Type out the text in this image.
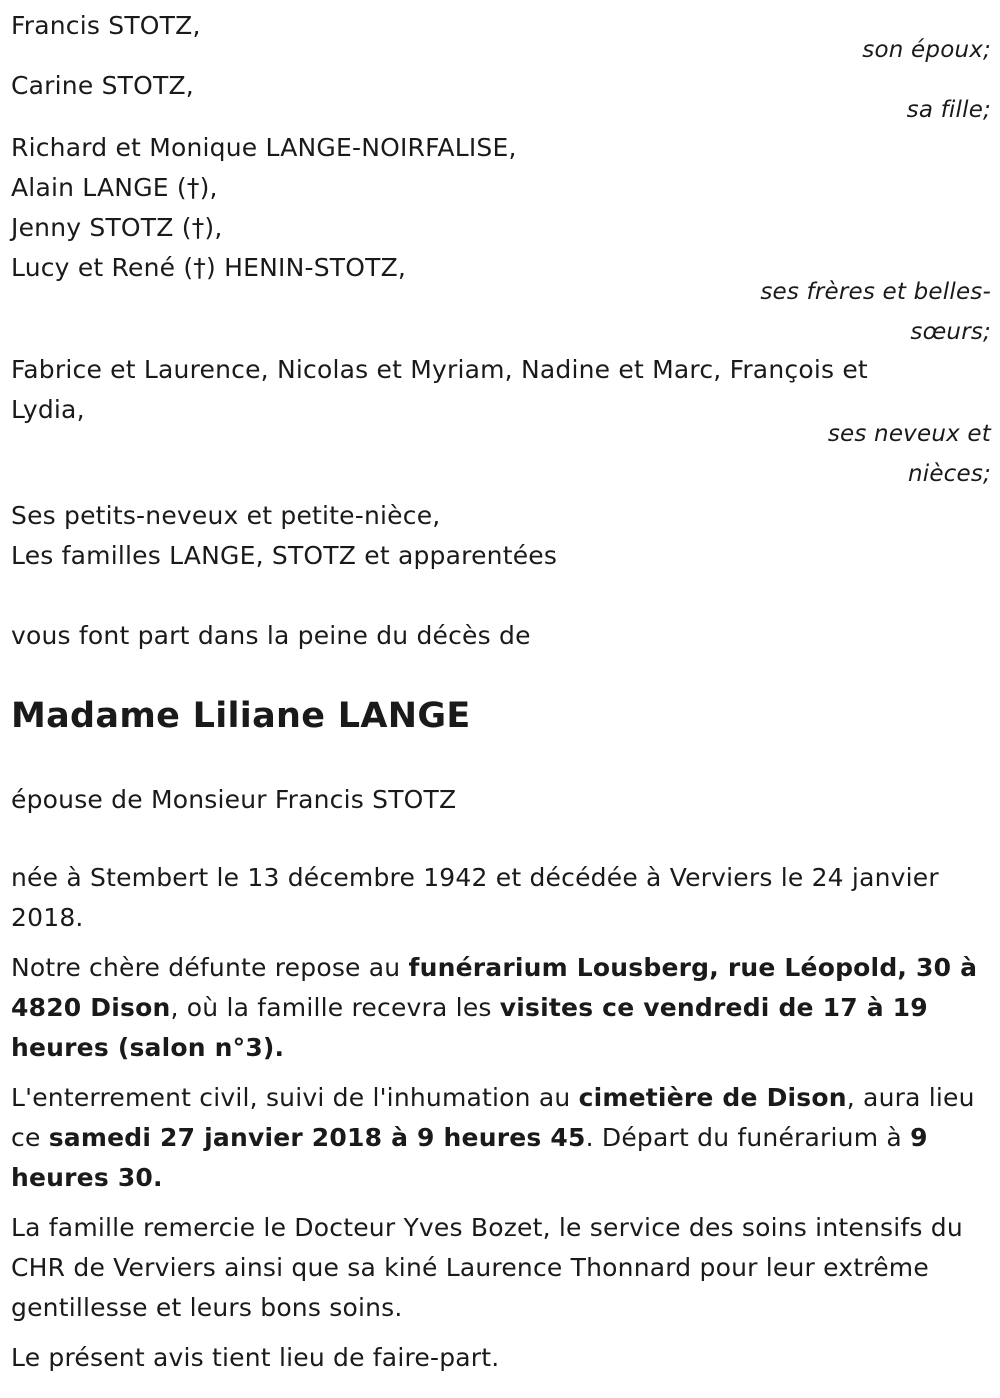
Francis STOTZ,
son époux;
Carine STOTZ,
sa fille;
Richard et Monique LANGE-NOIRFALISE,
Alain LANGE (†),
Jenny STOTZ (†),
Lucy et René (†) HENIN-STOTZ,
ses frères et belles-sœurs;
Fabrice et Laurence, Nicolas et Myriam, Nadine et Marc, François et Lydia,
ses neveux et nièces;
Ses petits-neveux et petite-nièce,
Les familles LANGE, STOTZ et apparentées

vous font part dans la peine du décès de

Madame Liliane LANGE

épouse de Monsieur Francis STOTZ

née à Stembert le 13 décembre 1942 et décédée à Verviers le 24 janvier 2018.

Notre chère défunte repose au funérarium Lousberg, rue Léopold, 30 à 4820 Dison, où la famille recevra les visites ce vendredi de 17 à 19 heures (salon n°3).

L'enterrement civil, suivi de l'inhumation au cimetière de Dison, aura lieu ce samedi 27 janvier 2018 à 9 heures 45. Départ du funérarium à 9 heures 30.

La famille remercie le Docteur Yves Bozet, le service des soins intensifs du CHR de Verviers ainsi que sa kiné Laurence Thonnard pour leur extrême gentillesse et leurs bons soins.

Le présent avis tient lieu de faire-part.
